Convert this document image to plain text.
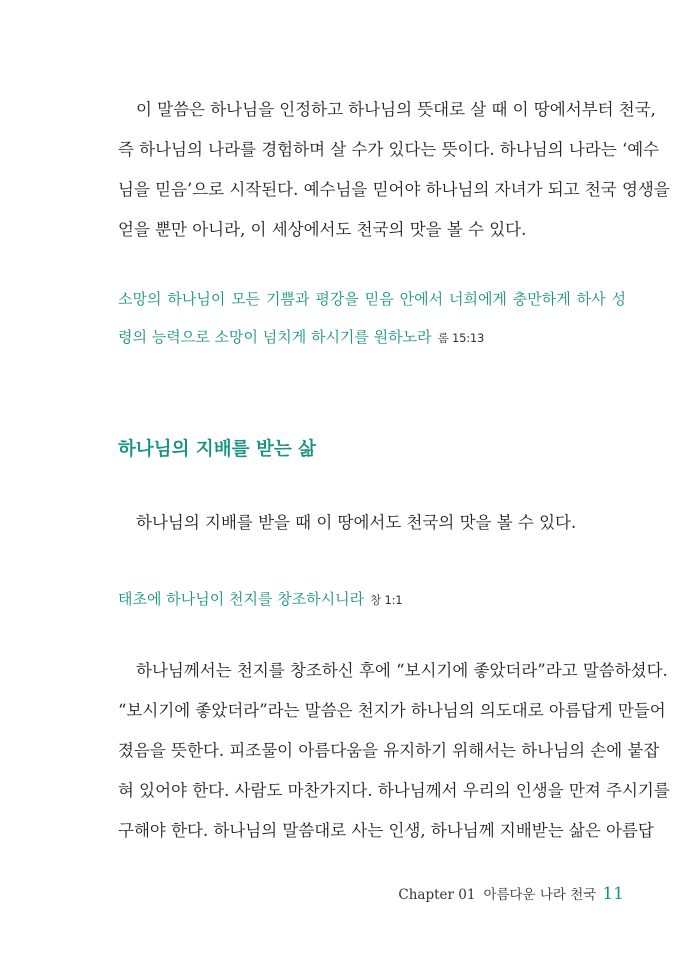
이 말씀은 하나님을 인정하고 하나님의 뜻대로 살 때 이 땅에서부터 천국,
즉 하나님의 나라를 경험하며 살 수가 있다는 뜻이다. 하나님의 나라는 ‘예수
님을 믿음’으로 시작된다. 예수님을 믿어야 하나님의 자녀가 되고 천국 영생을
얻을 뿐만 아니라, 이 세상에서도 천국의 맛을 볼 수 있다.
소망의 하나님이 모든 기쁨과 평강을 믿음 안에서 너희에게 충만하게 하사 성
령의 능력으로 소망이 넘치게 하시기를 원하노라 롬 15:13
하나님의 지배를 받는 삶
하나님의 지배를 받을 때 이 땅에서도 천국의 맛을 볼 수 있다.
태초에 하나님이 천지를 창조하시니라 창 1:1
하나님께서는 천지를 창조하신 후에 “보시기에 좋았더라”라고 말씀하셨다.
“보시기에 좋았더라”라는 말씀은 천지가 하나님의 의도대로 아름답게 만들어
졌음을 뜻한다. 피조물이 아름다움을 유지하기 위해서는 하나님의 손에 붙잡
혀 있어야 한다. 사람도 마찬가지다. 하나님께서 우리의 인생을 만져 주시기를
구해야 한다. 하나님의 말씀대로 사는 인생, 하나님께 지배받는 삶은 아름답
Chapter 01 아름다운 나라 천국 11
